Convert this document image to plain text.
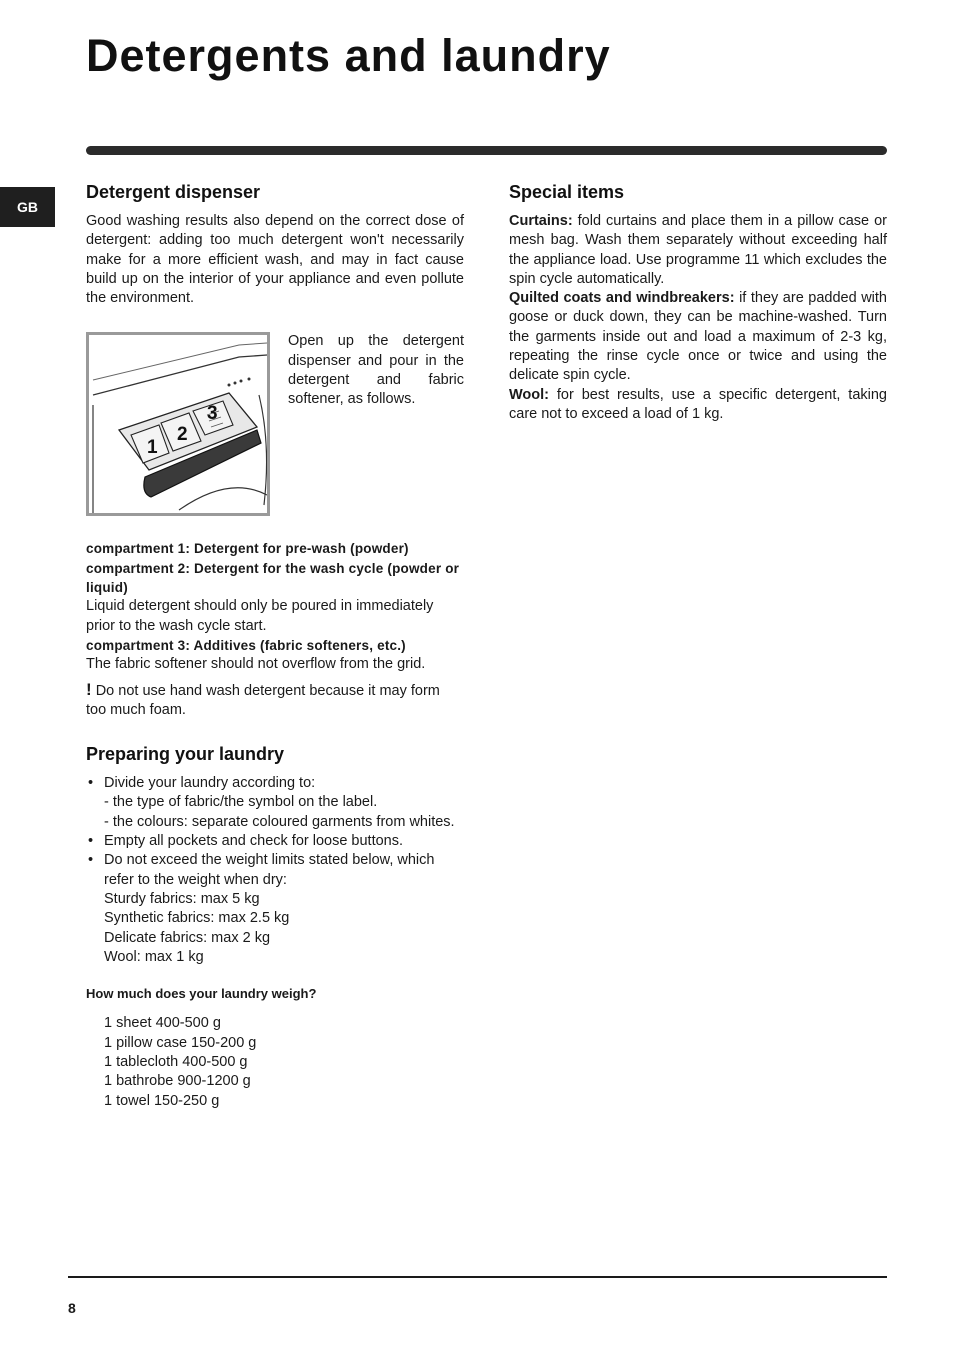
Detergents and laundry
GB
Detergent dispenser

Good washing results also depend on the correct dose of detergent: adding too much detergent won't necessarily make for a more efficient wash, and may in fact cause build up on the interior of your appliance and even pollute the environment.

1
2
3

Open up the detergent dispenser and pour in the detergent and fabric softener, as follows.

compartment 1: Detergent for pre-wash (powder)

compartment 2: Detergent for the wash cycle (powder or liquid)

Liquid detergent should only be poured in immediately prior to the wash cycle start.

compartment 3: Additives (fabric softeners, etc.)

The fabric softener should not overflow from the grid.

! Do not use hand wash detergent because it may form too much foam.

Preparing your laundry
• Divide your laundry according to:
- the type of fabric/the symbol on the label.
- the colours: separate coloured garments from whites.
• Empty all pockets and check for loose buttons.
• Do not exceed the weight limits stated below, which refer to the weight when dry:
Sturdy fabrics: max 5 kg
Synthetic fabrics: max 2.5 kg
Delicate fabrics: max 2 kg
Wool: max 1 kg

How much does your laundry weigh?

1 sheet 400-500 g

1 pillow case 150-200 g

1 tablecloth 400-500 g

1 bathrobe 900-1200 g

1 towel 150-250 g

Special items

Curtains: fold curtains and place them in a pillow case or mesh bag. Wash them separately without exceeding half the appliance load. Use programme 11 which excludes the spin cycle automatically.

Quilted coats and windbreakers: if they are padded with goose or duck down, they can be machine-washed. Turn the garments inside out and load a maximum of 2-3 kg, repeating the rinse cycle once or twice and using the delicate spin cycle.

Wool: for best results, use a specific detergent, taking care not to exceed a load of 1 kg.

8
